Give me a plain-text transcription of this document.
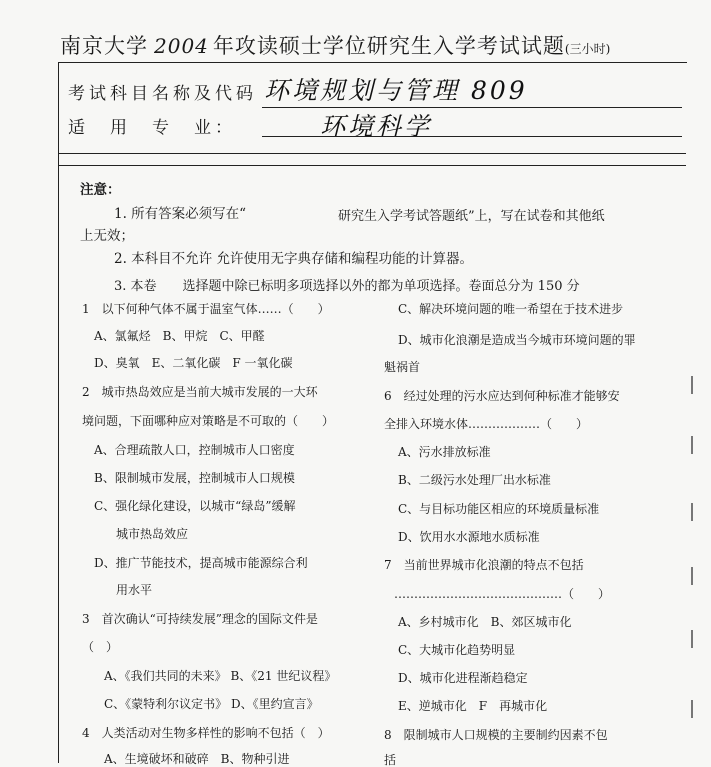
南京大学 2004 年攻读硕士学位研究生入学考试试题(三小时)
考试科目名称及代码 环境规划与管理 809
适　用　专　业：	环境科学
注意：
1. 所有答案必须写在“	研究生入学考试答题纸”上，写在试卷和其他纸
上无效；
2. 本科目不允许 允许使用无字典存储和编程功能的计算器。
3. 本卷　　选择题中除已标明多项选择以外的都为单项选择。卷面总分为 150 分
1　以下何种气体不属于温室气体……（　　）
A、氯氟烃　B、甲烷　C、甲醛
D、臭氧　E、二氧化碳　F 一氧化碳
2　城市热岛效应是当前大城市发展的一大环
境问题，下面哪种应对策略是不可取的（　　）
A、合理疏散人口，控制城市人口密度
B、限制城市发展，控制城市人口规模
C、强化绿化建设，以城市“绿岛”缓解
城市热岛效应
D、推广节能技术，提高城市能源综合利
用水平
3　首次确认“可持续发展”理念的国际文件是
（　）
A、《我们共同的未来》 B、《21 世纪议程》
C、《蒙特利尔议定书》 D、《里约宣言》
4　人类活动对生物多样性的影响不包括（　）
A、生境破坏和破碎　B、物种引进
C、解决环境问题的唯一希望在于技术进步
D、城市化浪潮是造成当今城市环境问题的罪
魁祸首
6　经过处理的污水应达到何种标准才能够安
全排入环境水体………………（　　）
A、污水排放标准
B、二级污水处理厂出水标准
C、与目标功能区相应的环境质量标准
D、饮用水水源地水质标准
7　当前世界城市化浪潮的特点不包括
……………………………………（　　）
A、乡村城市化　B、郊区城市化
C、大城市化趋势明显
D、城市化进程渐趋稳定
E、逆城市化　F　再城市化
8　限制城市人口规模的主要制约因素不包
括
